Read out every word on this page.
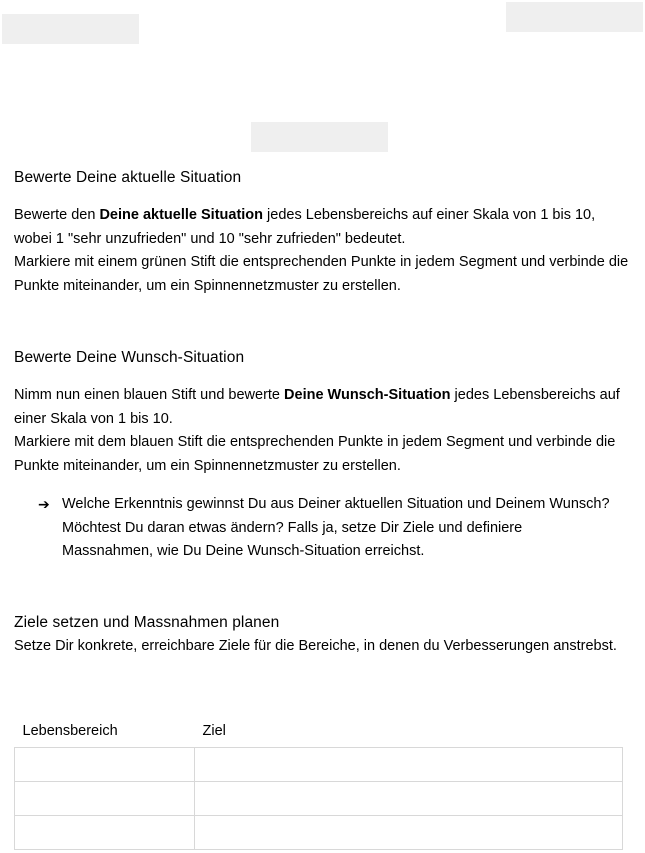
Bewerte Deine aktuelle Situation

Bewerte den Deine aktuelle Situation jedes Lebensbereichs auf einer Skala von 1 bis 10, wobei 1 "sehr unzufrieden" und 10 "sehr zufrieden" bedeutet.
Markiere mit einem grünen Stift die entsprechenden Punkte in jedem Segment und verbinde die Punkte miteinander, um ein Spinnennetzmuster zu erstellen.

Bewerte Deine Wunsch-Situation

Nimm nun einen blauen Stift und bewerte Deine Wunsch-Situation jedes Lebensbereichs auf einer Skala von 1 bis 10.
Markiere mit dem blauen Stift die entsprechenden Punkte in jedem Segment und verbinde die Punkte miteinander, um ein Spinnennetzmuster zu erstellen.

➔ Welche Erkenntnis gewinnst Du aus Deiner aktuellen Situation und Deinem Wunsch? Möchtest Du daran etwas ändern? Falls ja, setze Dir Ziele und definiere Massnahmen, wie Du Deine Wunsch-Situation erreichst.
Ziele setzen und Massnahmen planen

Setze Dir konkrete, erreichbare Ziele für die Bereiche, in denen du Verbesserungen anstrebst.

Lebensbereich	Ziel
